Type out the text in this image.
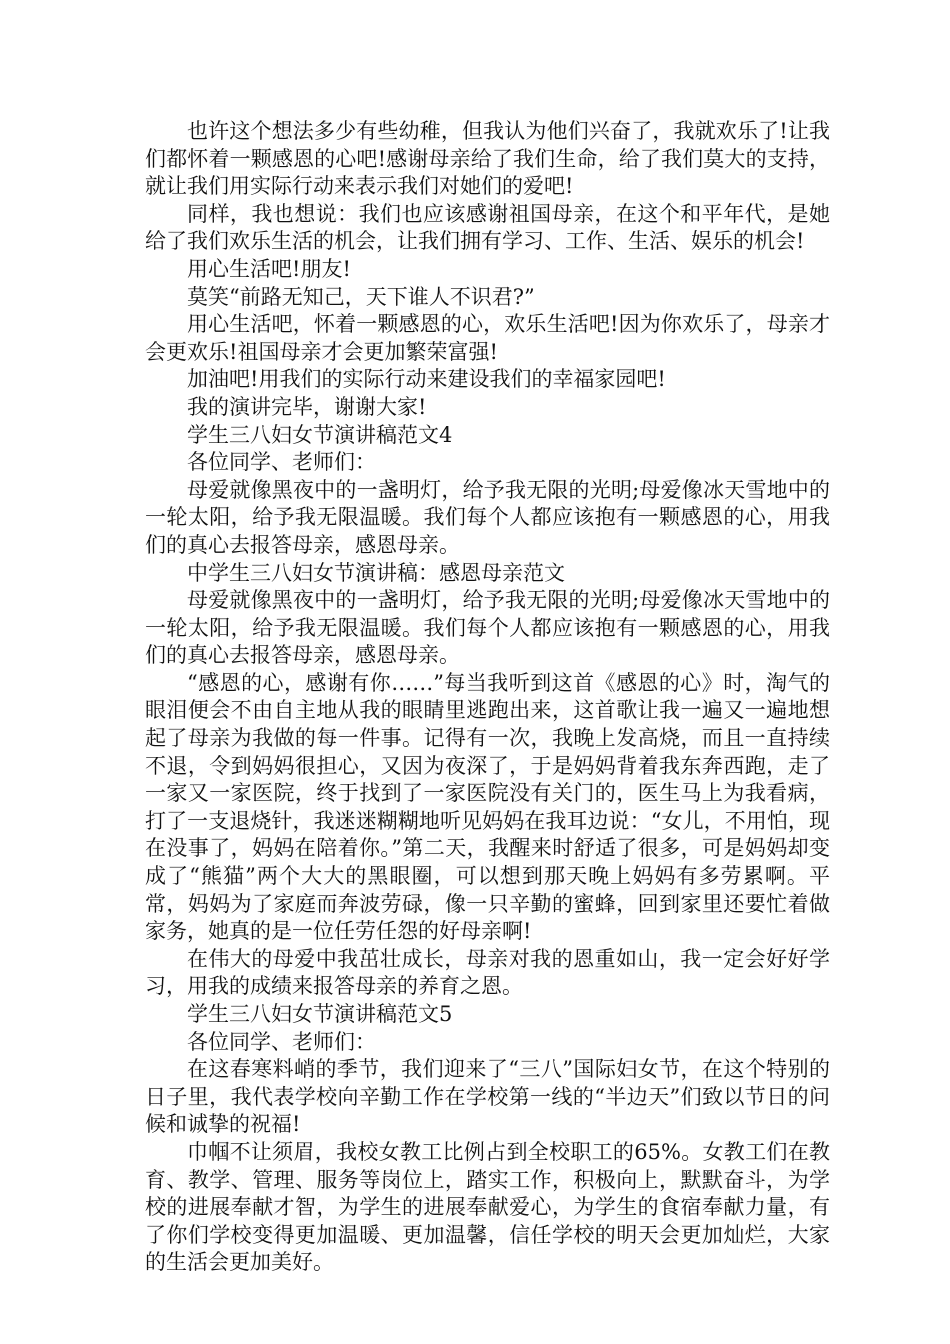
也许这个想法多少有些幼稚，但我认为他们兴奋了，我就欢乐了!让我们都怀着一颗感恩的心吧!感谢母亲给了我们生命，给了我们莫大的支持，就让我们用实际行动来表示我们对她们的爱吧!

同样，我也想说：我们也应该感谢祖国母亲，在这个和平年代，是她给了我们欢乐生活的机会，让我们拥有学习、工作、生活、娱乐的机会!

用心生活吧!朋友!

莫笑“前路无知己，天下谁人不识君?”

用心生活吧，怀着一颗感恩的心，欢乐生活吧!因为你欢乐了，母亲才会更欢乐!祖国母亲才会更加繁荣富强!

加油吧!用我们的实际行动来建设我们的幸福家园吧!

我的演讲完毕，谢谢大家!

学生三八妇女节演讲稿范文4

各位同学、老师们：

母爱就像黑夜中的一盏明灯，给予我无限的光明;母爱像冰天雪地中的一轮太阳，给予我无限温暖。我们每个人都应该抱有一颗感恩的心，用我们的真心去报答母亲，感恩母亲。

中学生三八妇女节演讲稿：感恩母亲范文

母爱就像黑夜中的一盏明灯，给予我无限的光明;母爱像冰天雪地中的一轮太阳，给予我无限温暖。我们每个人都应该抱有一颗感恩的心，用我们的真心去报答母亲，感恩母亲。

“感恩的心，感谢有你‥‥‥”每当我听到这首《感恩的心》时，淘气的眼泪便会不由自主地从我的眼睛里逃跑出来，这首歌让我一遍又一遍地想起了母亲为我做的每一件事。记得有一次，我晚上发高烧，而且一直持续不退，令到妈妈很担心，又因为夜深了，于是妈妈背着我东奔西跑，走了一家又一家医院，终于找到了一家医院没有关门的，医生马上为我看病，打了一支退烧针，我迷迷糊糊地听见妈妈在我耳边说：“女儿，不用怕，现在没事了，妈妈在陪着你。”第二天，我醒来时舒适了很多，可是妈妈却变成了“熊猫”两个大大的黑眼圈，可以想到那天晚上妈妈有多劳累啊。平常，妈妈为了家庭而奔波劳碌，像一只辛勤的蜜蜂，回到家里还要忙着做家务，她真的是一位任劳任怨的好母亲啊!

在伟大的母爱中我茁壮成长，母亲对我的恩重如山，我一定会好好学习，用我的成绩来报答母亲的养育之恩。

学生三八妇女节演讲稿范文5

各位同学、老师们：

在这春寒料峭的季节，我们迎来了“三八”国际妇女节，在这个特别的日子里，我代表学校向辛勤工作在学校第一线的“半边天”们致以节日的问候和诚挚的祝福!

巾帼不让须眉，我校女教工比例占到全校职工的65%。女教工们在教育、教学、管理、服务等岗位上，踏实工作，积极向上，默默奋斗，为学校的进展奉献才智，为学生的进展奉献爱心，为学生的食宿奉献力量，有了你们学校变得更加温暖、更加温馨，信任学校的明天会更加灿烂，大家的生活会更加美好。
